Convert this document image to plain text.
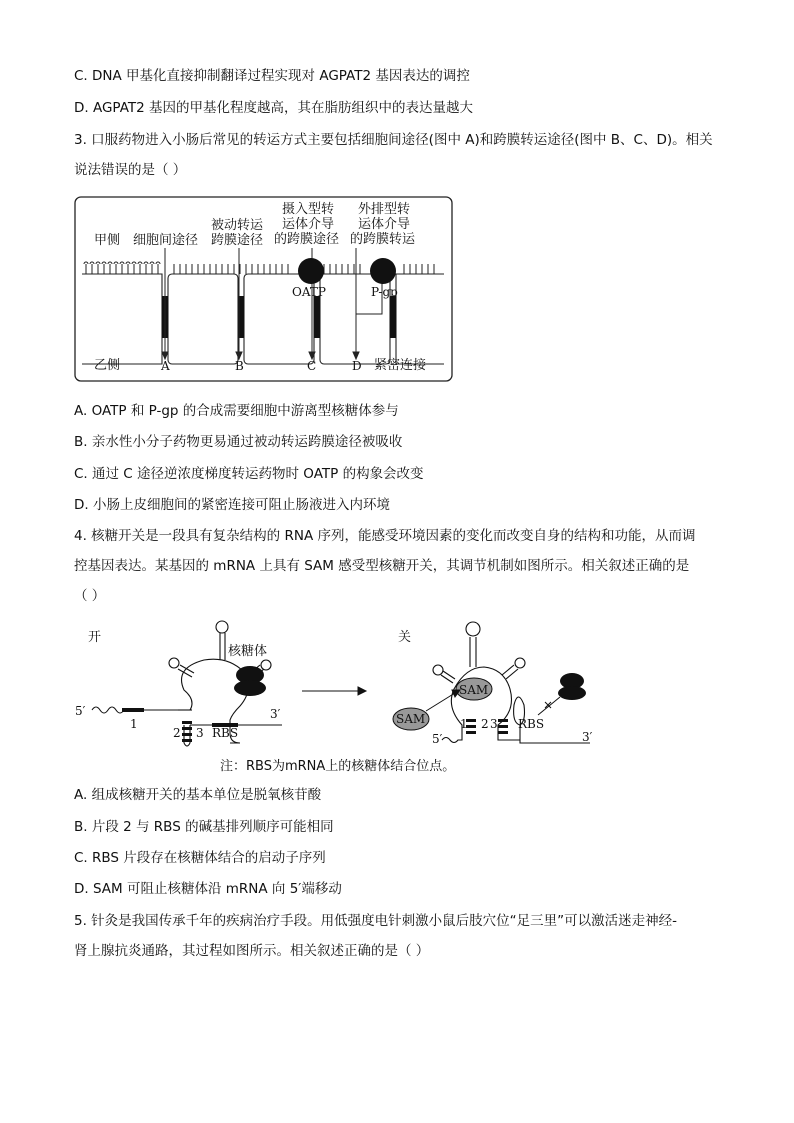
C. DNA 甲基化直接抑制翻译过程实现对 AGPAT2 基因表达的调控
D. AGPAT2 基因的甲基化程度越高，其在脂肪组织中的表达量越大
3. 口服药物进入小肠后常见的转运方式主要包括细胞间途径(图中 A)和跨膜转运途径(图中 B、C、D)。相关
说法错误的是（ ）
甲侧 细胞间途径
被动转运
跨膜途径
摄入型转
运体介导
的跨膜途径
外排型转
运体介导
的跨膜转运
OATP	P-gp
乙侧	A	B	C	D 紧密连接
A. OATP 和 P-gp 的合成需要细胞中游离型核糖体参与
B. 亲水性小分子药物更易通过被动转运跨膜途径被吸收
C. 通过 C 途径逆浓度梯度转运药物时 OATP 的构象会改变
D. 小肠上皮细胞间的紧密连接可阻止肠液进入内环境
4. 核糖开关是一段具有复杂结构的 RNA 序列，能感受环境因素的变化而改变自身的结构和功能，从而调
控基因表达。某基因的 mRNA 上具有 SAM 感受型核糖开关，其调节机制如图所示。相关叙述正确的是
（ ）
开	关
5′	3′
1
2 3 RBS
核糖体
SAM
SAM	1 2 3 RBS
5′	3′
注：RBS为mRNA上的核糖体结合位点。
A. 组成核糖开关的基本单位是脱氧核苷酸
B. 片段 2 与 RBS 的碱基排列顺序可能相同
C. RBS 片段存在核糖体结合的启动子序列
D. SAM 可阻止核糖体沿 mRNA 向 5′端移动
5. 针灸是我国传承千年的疾病治疗手段。用低强度电针刺激小鼠后肢穴位“足三里”可以激活迷走神经-
肾上腺抗炎通路，其过程如图所示。相关叙述正确的是（ ）
